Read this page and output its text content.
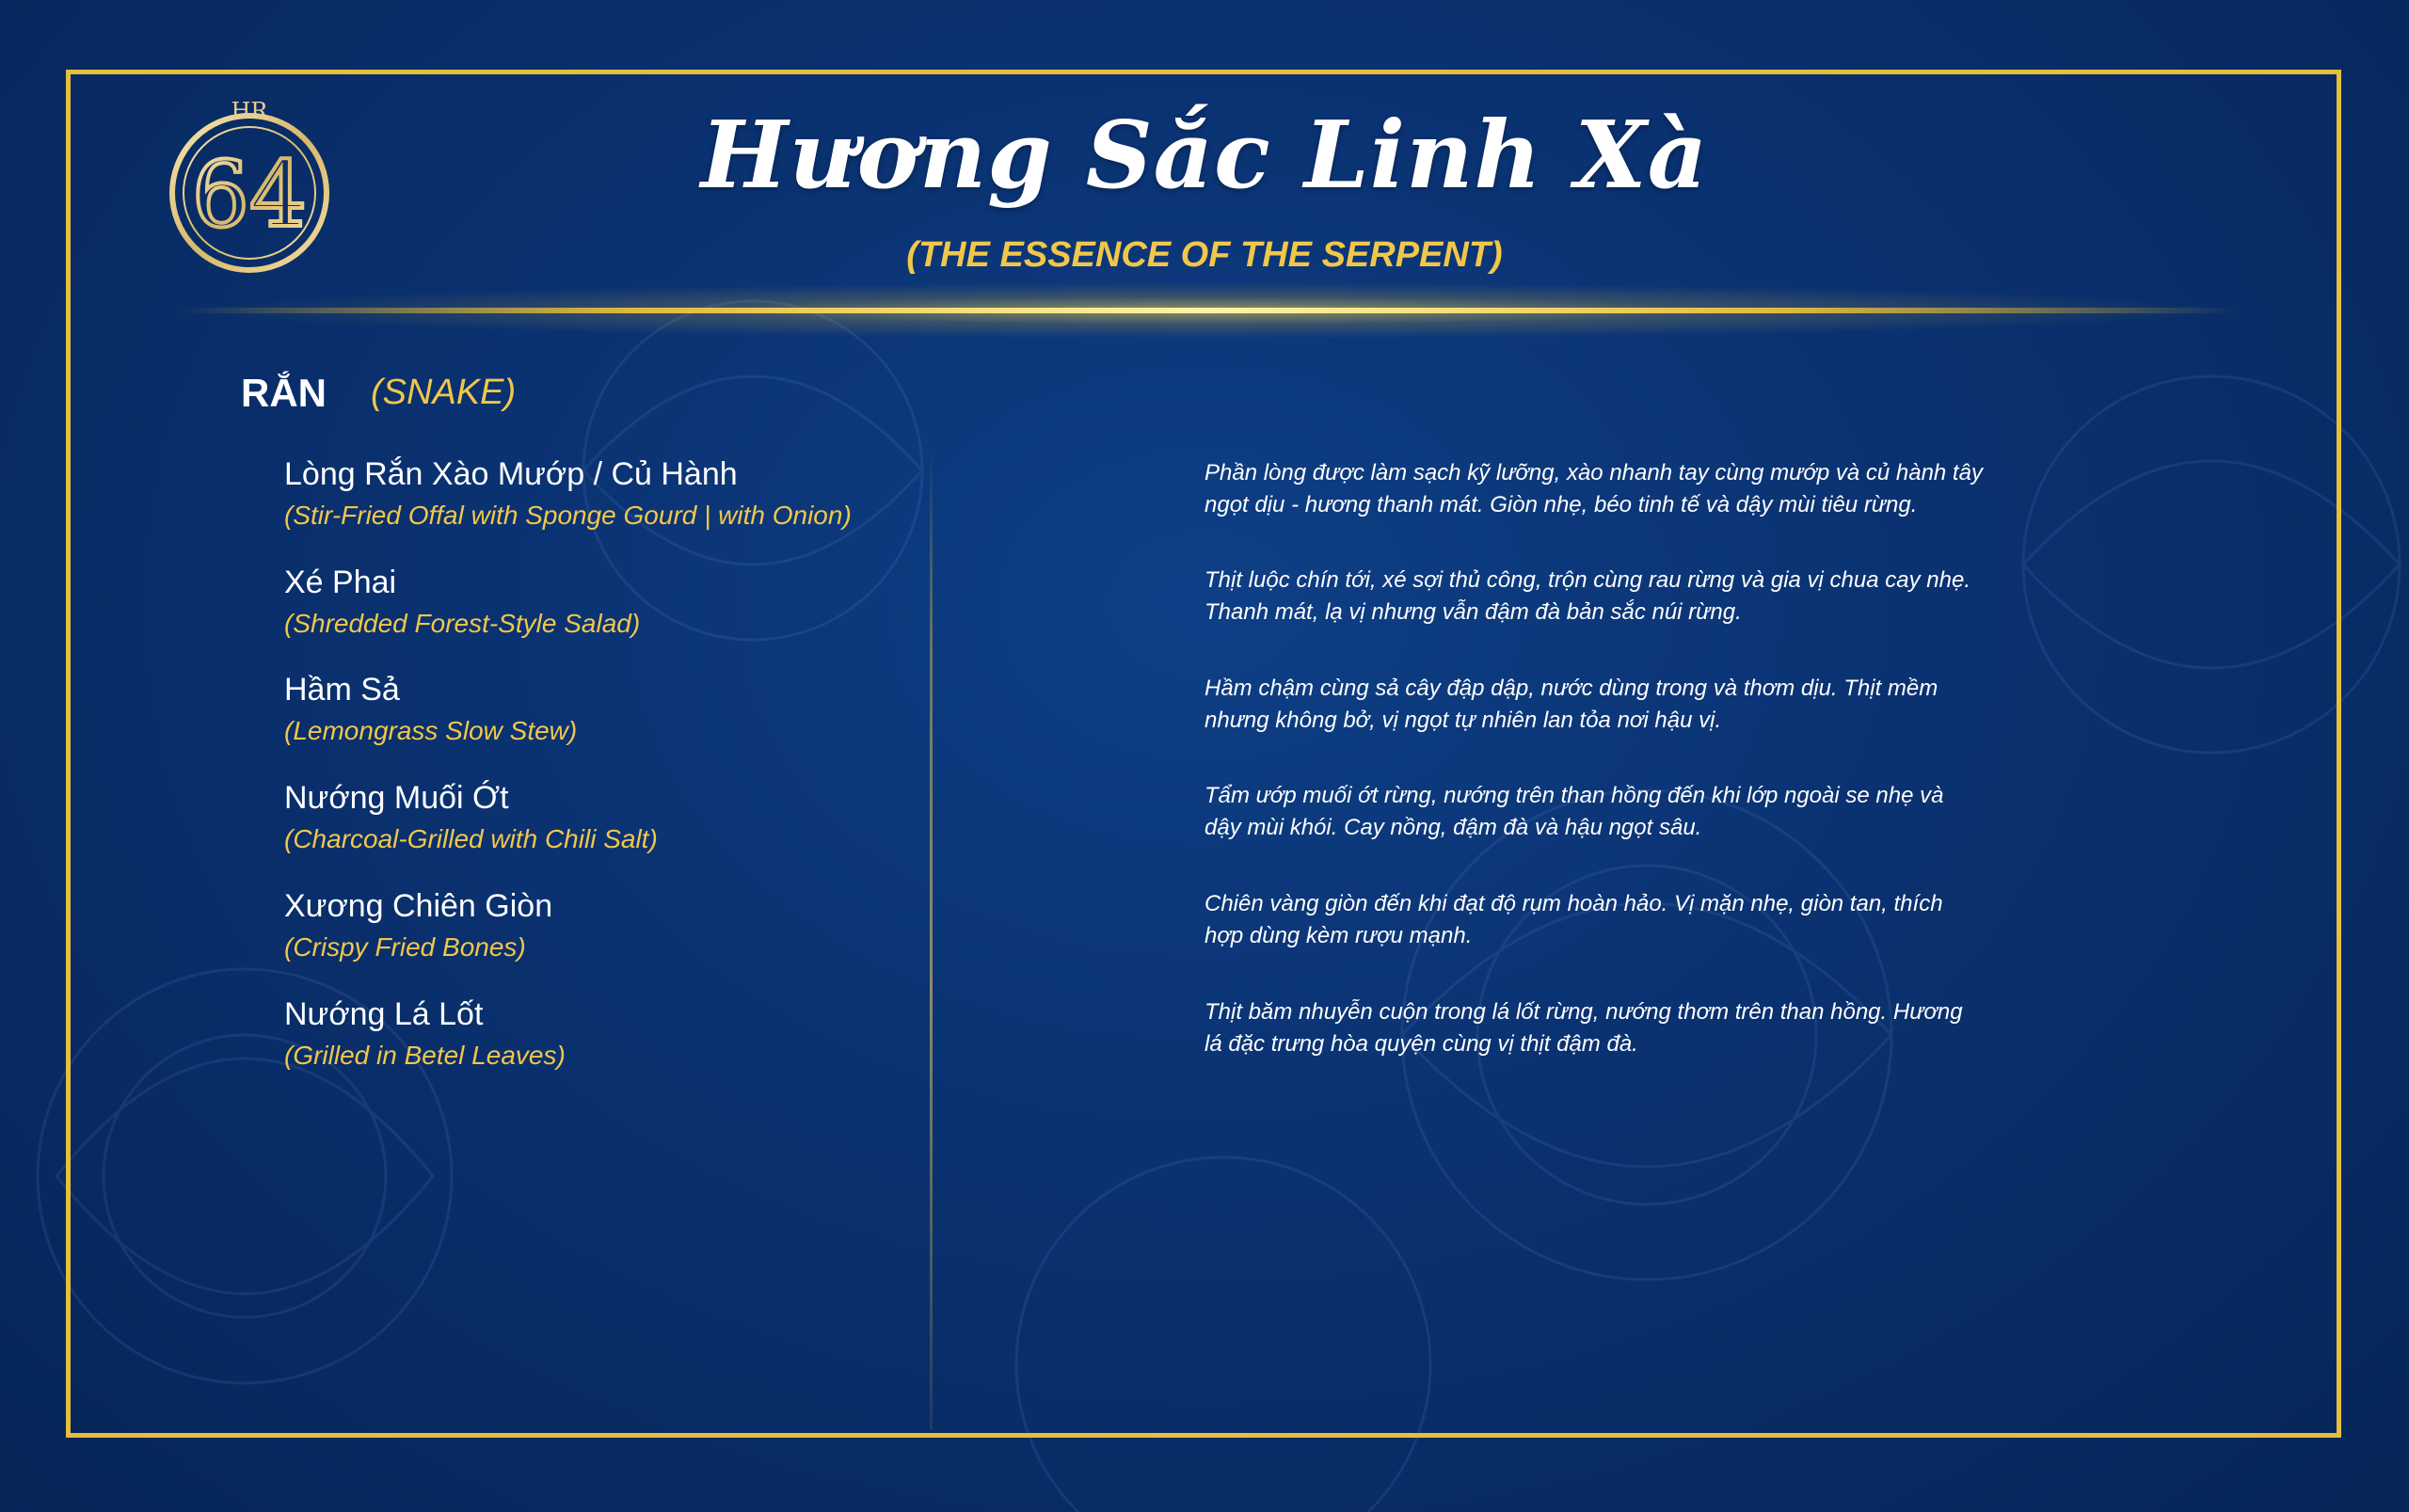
HR
64	Hương Sắc Linh Xà
(THE ESSENCE OF THE SERPENT)
RẮN (SNAKE)
Lòng Rắn Xào Mướp / Củ Hành
(Stir-Fried Offal with Sponge Gourd | with Onion)
Xé Phai
(Shredded Forest-Style Salad)
Hầm Sả
(Lemongrass Slow Stew)
Nướng Muối Ớt
(Charcoal-Grilled with Chili Salt)
Xương Chiên Giòn
(Crispy Fried Bones)
Nướng Lá Lốt
(Grilled in Betel Leaves)
Phần lòng được làm sạch kỹ lưỡng, xào nhanh tay cùng mướp và củ hành tây
ngọt dịu - hương thanh mát. Giòn nhẹ, béo tinh tế và dậy mùi tiêu rừng.
Thịt luộc chín tới, xé sợi thủ công, trộn cùng rau rừng và gia vị chua cay nhẹ.
Thanh mát, lạ vị nhưng vẫn đậm đà bản sắc núi rừng.
Hầm chậm cùng sả cây đập dập, nước dùng trong và thơm dịu. Thịt mềm
nhưng không bở, vị ngọt tự nhiên lan tỏa nơi hậu vị.
Tẩm ướp muối ớt rừng, nướng trên than hồng đến khi lớp ngoài se nhẹ và
dậy mùi khói. Cay nồng, đậm đà và hậu ngọt sâu.
Chiên vàng giòn đến khi đạt độ rụm hoàn hảo. Vị mặn nhẹ, giòn tan, thích
hợp dùng kèm rượu mạnh.
Thịt băm nhuyễn cuộn trong lá lốt rừng, nướng thơm trên than hồng. Hương
lá đặc trưng hòa quyện cùng vị thịt đậm đà.
